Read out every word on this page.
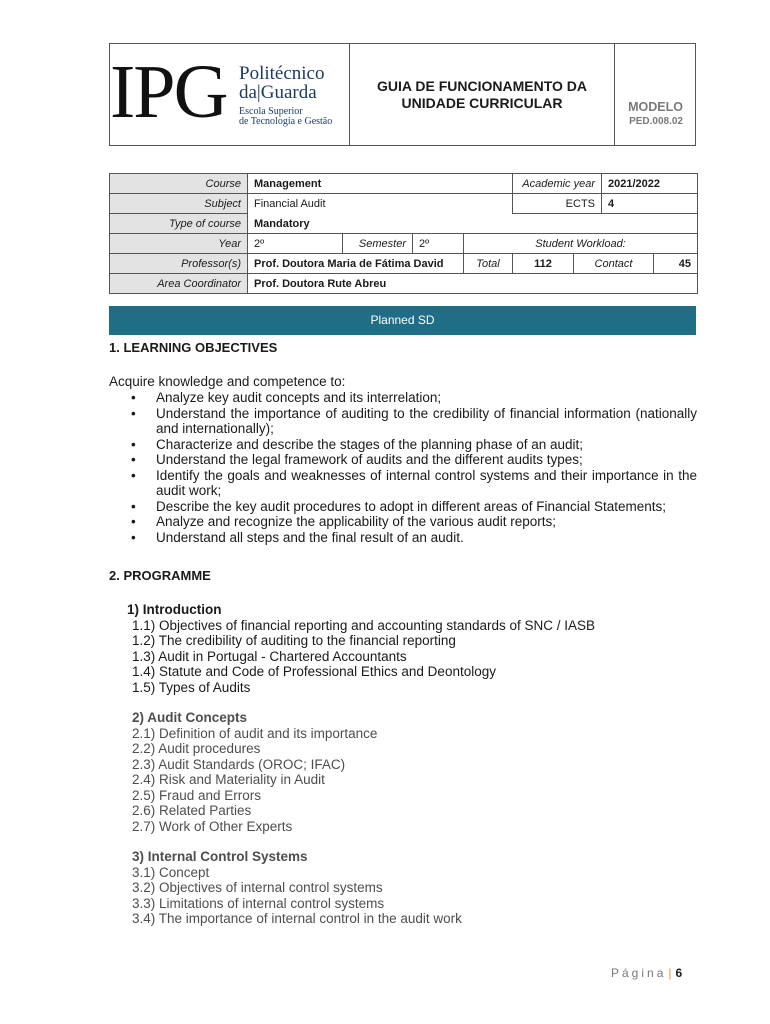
IPG Politécnico
da|Guarda
Escola Superior
de Tecnologia e Gestão
GUIA DE FUNCIONAMENTO DA
UNIDADE CURRICULAR	MODELO
PED.008.02
Course	Management				Academic year		2021/2022	
Subject	Financial Audit				ECTS		4	
Type of course	Mandatory							
Year	2º	Semester	2º	Student Workload:				
Professor(s)	Prof. Doutora Maria de Fátima David			Total	112	Contact		45
Area Coordinator	Prof. Doutora Rute Abreu							
Planned SD
1. LEARNING OBJECTIVES
Acquire knowledge and competence to:
• Analyze key audit concepts and its interrelation;
• Understand the importance of auditing to the credibility of financial information (nationally and internationally);
• Characterize and describe the stages of the planning phase of an audit;
• Understand the legal framework of audits and the different audits types;
• Identify the goals and weaknesses of internal control systems and their importance in the audit work;
• Describe the key audit procedures to adopt in different areas of Financial Statements;
• Analyze and recognize the applicability of the various audit reports;
• Understand all steps and the final result of an audit.
2. PROGRAMME
1) Introduction
1.1) Objectives of financial reporting and accounting standards of SNC / IASB
1.2) The credibility of auditing to the financial reporting
1.3) Audit in Portugal - Chartered Accountants
1.4) Statute and Code of Professional Ethics and Deontology
1.5) Types of Audits
2) Audit Concepts
2.1) Definition of audit and its importance
2.2) Audit procedures
2.3) Audit Standards (OROC; IFAC)
2.4) Risk and Materiality in Audit
2.5) Fraud and Errors
2.6) Related Parties
2.7) Work of Other Experts
3) Internal Control Systems
3.1) Concept
3.2) Objectives of internal control systems
3.3) Limitations of internal control systems
3.4) The importance of internal control in the audit work
Página | 6
